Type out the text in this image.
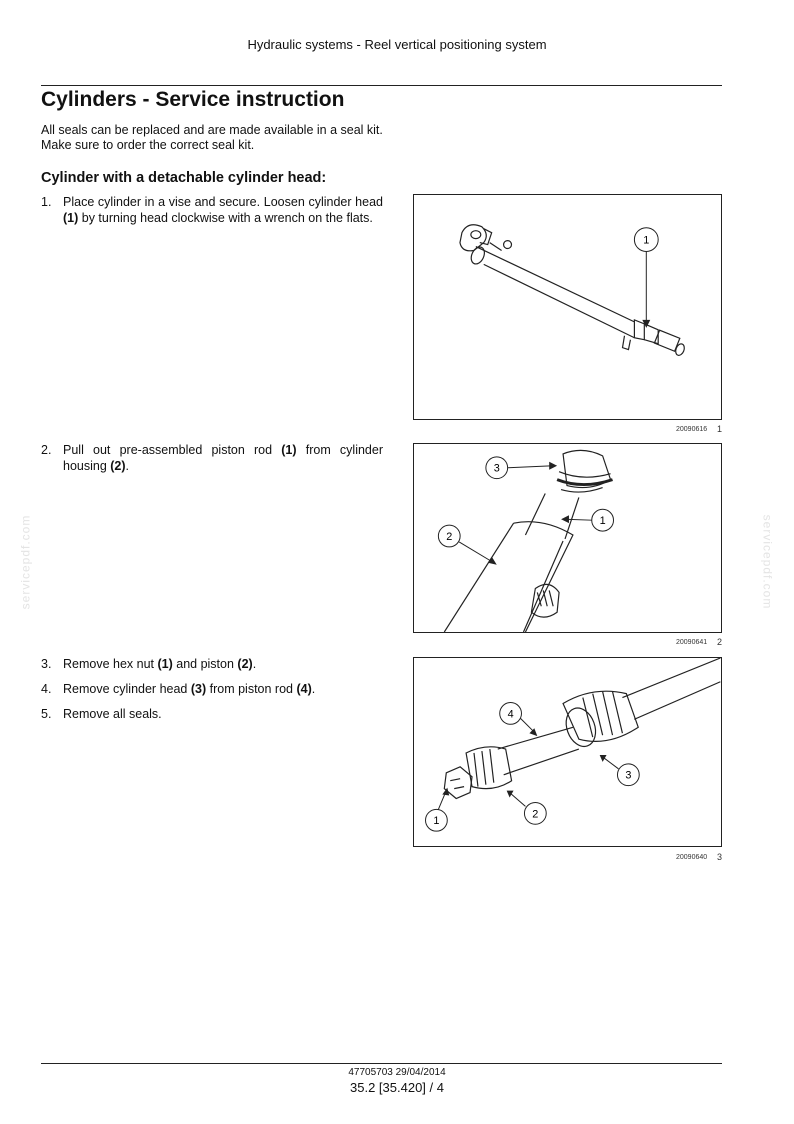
Hydraulic systems - Reel vertical positioning system
Cylinders - Service instruction
All seals can be replaced and are made available in a seal kit.
Make sure to order the correct seal kit.
Cylinder with a detachable cylinder head:
1. Place cylinder in a vise and secure. Loosen cylinder head (1) by turning head clockwise with a wrench on the flats.
2. Pull out pre-assembled piston rod (1) from cylinder housing (2).
3. Remove hex nut (1) and piston (2).
4. Remove cylinder head (3) from piston rod (4).
5. Remove all seals.
1
20090616 1
3
1
2
20090641 2
4
3
2
1
20090640 3
servicepdf.com	servicepdf.com
47705703 29/04/2014
35.2 [35.420] / 4
